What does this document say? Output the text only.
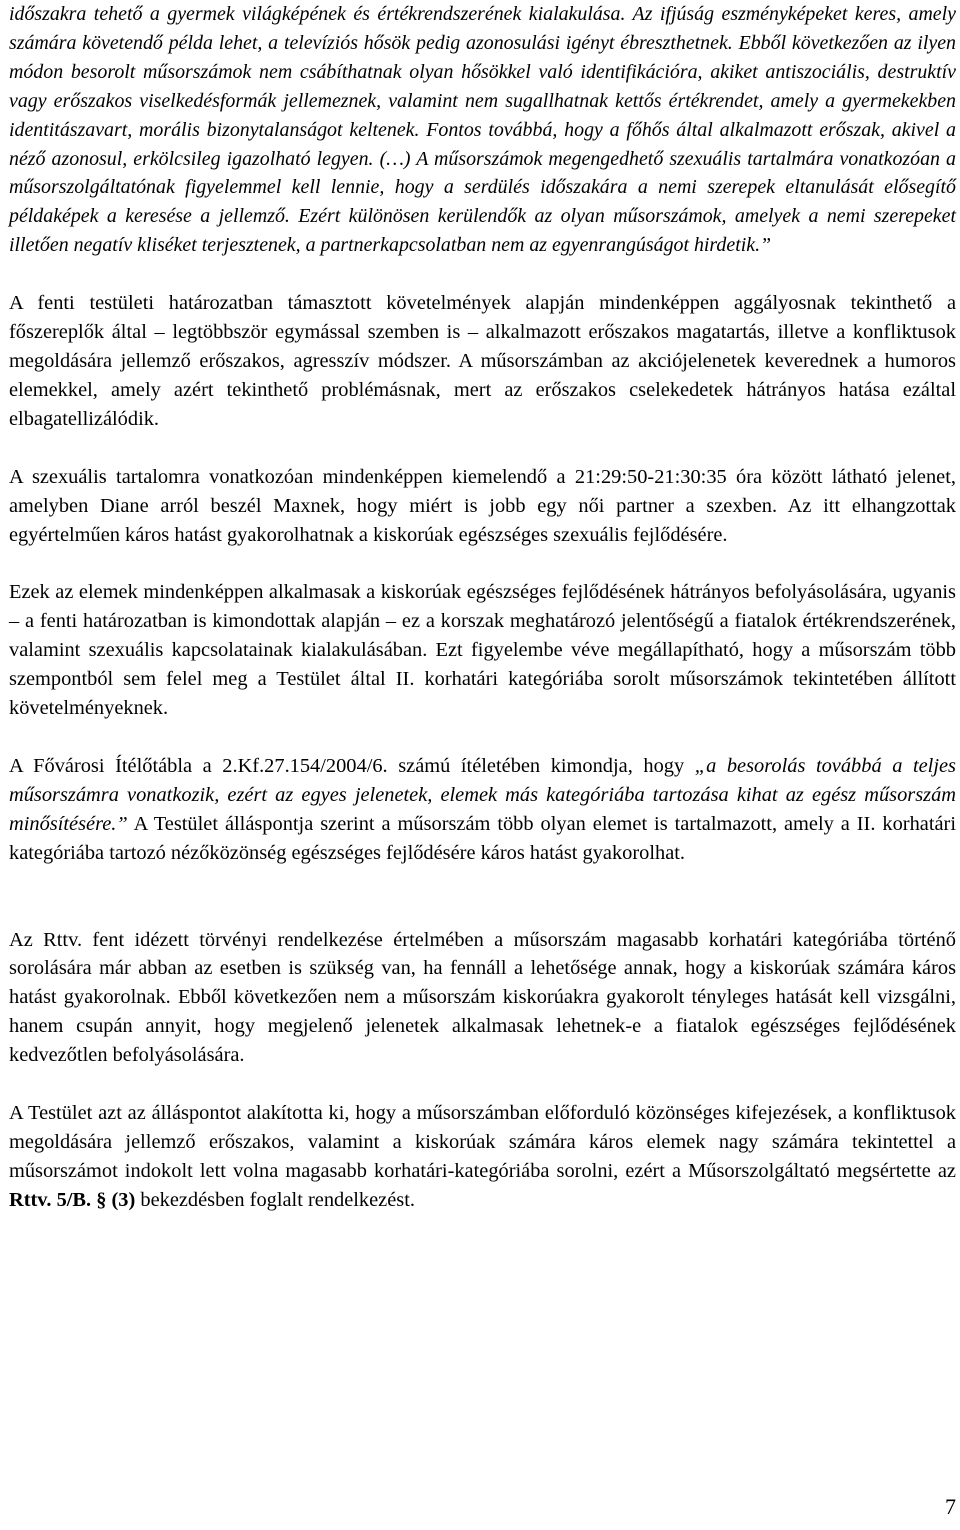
időszakra tehető a gyermek világképének és értékrendszerének kialakulása. Az ifjúság eszményképeket keres, amely számára követendő példa lehet, a televíziós hősök pedig azonosulási igényt ébreszthetnek. Ebből következően az ilyen módon besorolt műsorszámok nem csábíthatnak olyan hősökkel való identifikációra, akiket antiszociális, destruktív vagy erőszakos viselkedésformák jellemeznek, valamint nem sugallhatnak kettős értékrendet, amely a gyermekekben identitászavart, morális bizonytalanságot keltenek. Fontos továbbá, hogy a főhős által alkalmazott erőszak, akivel a néző azonosul, erkölcsileg igazolható legyen. (…) A műsorszámok megengedhető szexuális tartalmára vonatkozóan a műsorszolgáltatónak figyelemmel kell lennie, hogy a serdülés időszakára a nemi szerepek eltanulását elősegítő példaképek a keresése a jellemző. Ezért különösen kerülendők az olyan műsorszámok, amelyek a nemi szerepeket illetően negatív kliséket terjesztenek, a partnerkapcsolatban nem az egyenrangúságot hirdetik.”

A fenti testületi határozatban támasztott követelmények alapján mindenképpen aggályosnak tekinthető a főszereplők által – legtöbbször egymással szemben is – alkalmazott erőszakos magatartás, illetve a konfliktusok megoldására jellemző erőszakos, agresszív módszer. A műsorszámban az akciójelenetek keverednek a humoros elemekkel, amely azért tekinthető problémásnak, mert az erőszakos cselekedetek hátrányos hatása ezáltal elbagatellizálódik.

A szexuális tartalomra vonatkozóan mindenképpen kiemelendő a 21:29:50-21:30:35 óra között látható jelenet, amelyben Diane arról beszél Maxnek, hogy miért is jobb egy női partner a szexben. Az itt elhangzottak egyértelműen káros hatást gyakorolhatnak a kiskorúak egészséges szexuális fejlődésére.

Ezek az elemek mindenképpen alkalmasak a kiskorúak egészséges fejlődésének hátrányos befolyásolására, ugyanis – a fenti határozatban is kimondottak alapján – ez a korszak meghatározó jelentőségű a fiatalok értékrendszerének, valamint szexuális kapcsolatainak kialakulásában. Ezt figyelembe véve megállapítható, hogy a műsorszám több szempontból sem felel meg a Testület által II. korhatári kategóriába sorolt műsorszámok tekintetében állított követelményeknek.

A Fővárosi Ítélőtábla a 2.Kf.27.154/2004/6. számú ítéletében kimondja, hogy „a besorolás továbbá a teljes műsorszámra vonatkozik, ezért az egyes jelenetek, elemek más kategóriába tartozása kihat az egész műsorszám minősítésére.” A Testület álláspontja szerint a műsorszám több olyan elemet is tartalmazott, amely a II. korhatári kategóriába tartozó nézőközönség egészséges fejlődésére káros hatást gyakorolhat.

Az Rttv. fent idézett törvényi rendelkezése értelmében a műsorszám magasabb korhatári kategóriába történő sorolására már abban az esetben is szükség van, ha fennáll a lehetősége annak, hogy a kiskorúak számára káros hatást gyakorolnak. Ebből következően nem a műsorszám kiskorúakra gyakorolt tényleges hatását kell vizsgálni, hanem csupán annyit, hogy megjelenő jelenetek alkalmasak lehetnek-e a fiatalok egészséges fejlődésének kedvezőtlen befolyásolására.

A Testület azt az álláspontot alakította ki, hogy a műsorszámban előforduló közönséges kifejezések, a konfliktusok megoldására jellemző erőszakos, valamint a kiskorúak számára káros elemek nagy számára tekintettel a műsorszámot indokolt lett volna magasabb korhatári-kategóriába sorolni, ezért a Műsorszolgáltató megsértette az Rttv. 5/B. § (3) bekezdésben foglalt rendelkezést.

7
